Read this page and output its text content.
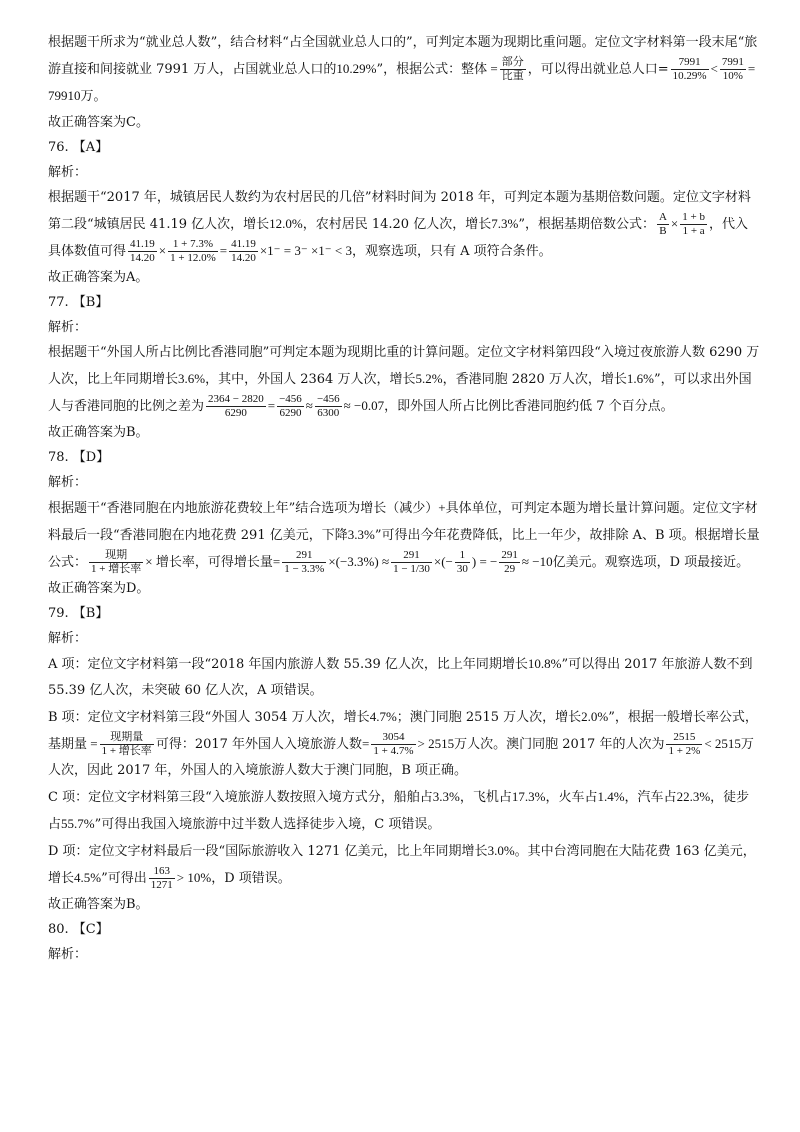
根据题干所求为“就业总人数”，结合材料“占全国就业总人口的”，可判定本题为现期比重问题。定位文字材料第一段末尾“旅游直接和间接就业 7991 万人，占国就业总人口的10.29%”，根据公式：整体 = $\frac{\text{部分}}{\text{比重}}$ ，可以得出就业总人口= $\frac{7991}{10.29\%} < \frac{7991}{10\%} = 79910$万。

故正确答案为C。

76. 【A】

解析：

根据题干“2017 年，城镇居民人数约为农村居民的几倍”材料时间为 2018 年，可判定本题为基期倍数问题。定位文字材料第二段“城镇居民 41.19 亿人次，增长12.0%，农村居民 14.20 亿人次，增长7.3%”，根据基期倍数公式： $\frac{A}{B} \times \frac{1 + b}{1 + a}$ ，代入具体数值可得 $\frac{41.19}{14.20} \times \frac{1 + 7.3\%}{1 + 12.0\%} = \frac{41.19}{14.20} \times 1^- = 3^- \times 1^- < 3$，观察选项，只有 A 项符合条件。

故正确答案为A。

77. 【B】

解析：

根据题干“外国人所占比例比香港同胞”可判定本题为现期比重的计算问题。定位文字材料第四段“入境过夜旅游人数 6290 万人次，比上年同期增长3.6%，其中，外国人 2364 万人次，增长5.2%，香港同胞 2820 万人次，增长1.6%”，可以求出外国人与香港同胞的比例之差为 $\frac{2364 - 2820}{6290} = \frac{-456}{6290} \approx \frac{-456}{6300} \approx -0.07$，即外国人所占比例比香港同胞约低 7 个百分点。

故正确答案为B。

78. 【D】

解析：

根据题干“香港同胞在内地旅游花费较上年”结合选项为增长（减少）+具体单位，可判定本题为增长量计算问题。定位文字材料最后一段“香港同胞在内地花费 291 亿美元，下降3.3%”可得出今年花费降低，比上一年少，故排除 A、B 项。根据增长量公式： $\frac{\text{现期}}{\text{1 + 增长率}}$ × 增长率，可得增长量= $\frac{291}{1 - 3.3\%} \times(-3.3\%) \approx \frac{291}{1 - 1/30}$ ×(− $\frac{1}{30}$ ) = − $\frac{291}{29} \approx -10$亿美元。观察选项，D 项最接近。

故正确答案为D。

79. 【B】

解析：

A 项：定位文字材料第一段“2018 年国内旅游人数 55.39 亿人次，比上年同期增长10.8%”可以得出 2017 年旅游人数不到 55.39 亿人次，未突破 60 亿人次，A 项错误。

B 项：定位文字材料第三段“外国人 3054 万人次，增长4.7%；澳门同胞 2515 万人次，增长2.0%”，根据一般增长率公式，基期量 = $\frac{\text{现期量}}{\text{1 + 增长率}}$ 可得：2017 年外国人入境旅游人数= $\frac{3054}{1 + 4.7\%} > 2515$万人次。澳门同胞 2017 年的人次为 $\frac{2515}{1 + 2\%} < 2515$万人次，因此 2017 年，外国人的入境旅游人数大于澳门同胞，B 项正确。

C 项：定位文字材料第三段“入境旅游人数按照入境方式分，船舶占3.3%，飞机占17.3%，火车占1.4%，汽车占22.3%，徒步占55.7%”可得出我国入境旅游中过半数人选择徒步入境，C 项错误。

D 项：定位文字材料最后一段“国际旅游收入 1271 亿美元，比上年同期增长3.0%。其中台湾同胞在大陆花费 163 亿美元，增长4.5%”可得出 $\frac{163}{1271} > 10\%$，D 项错误。

故正确答案为B。

80. 【C】

解析：
